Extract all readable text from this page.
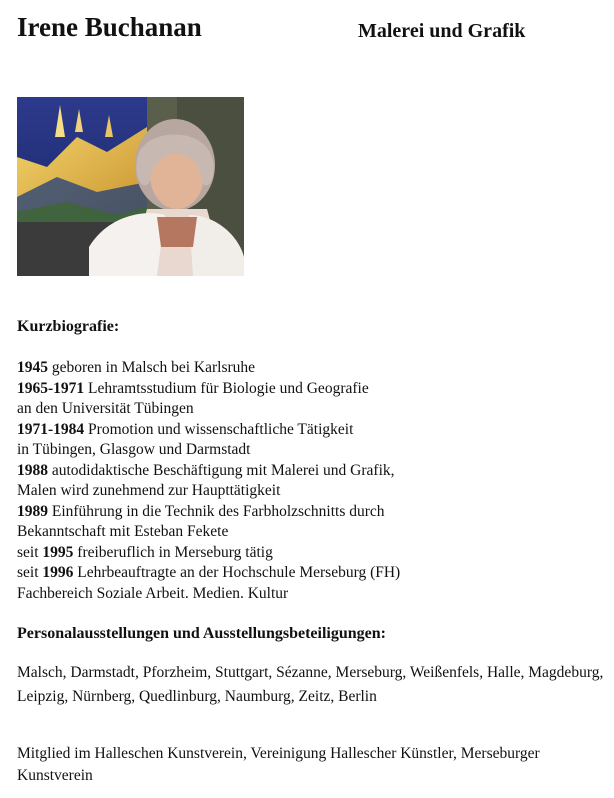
Irene Buchanan	Malerei und Grafik
Kurzbiografie:
1945 geboren in Malsch bei Karlsruhe
1965-1971 Lehramtsstudium für Biologie und Geografie
an den Universität Tübingen
1971-1984 Promotion und wissenschaftliche Tätigkeit
in Tübingen, Glasgow und Darmstadt
1988 autodidaktische Beschäftigung mit Malerei und Grafik,
Malen wird zunehmend zur Haupttätigkeit
1989 Einführung in die Technik des Farbholzschnitts durch
Bekanntschaft mit Esteban Fekete
seit 1995 freiberuflich in Merseburg tätig
seit 1996 Lehrbeauftragte an der Hochschule Merseburg (FH)
Fachbereich Soziale Arbeit. Medien. Kultur
Personalausstellungen und Ausstellungsbeteiligungen:
Malsch, Darmstadt, Pforzheim, Stuttgart, Sézanne, Merseburg, Weißenfels, Halle, Magdeburg, Leipzig, Nürnberg, Quedlinburg, Naumburg, Zeitz, Berlin
Mitglied im Halleschen Kunstverein, Vereinigung Hallescher Künstler, Merseburger Kunstverein
